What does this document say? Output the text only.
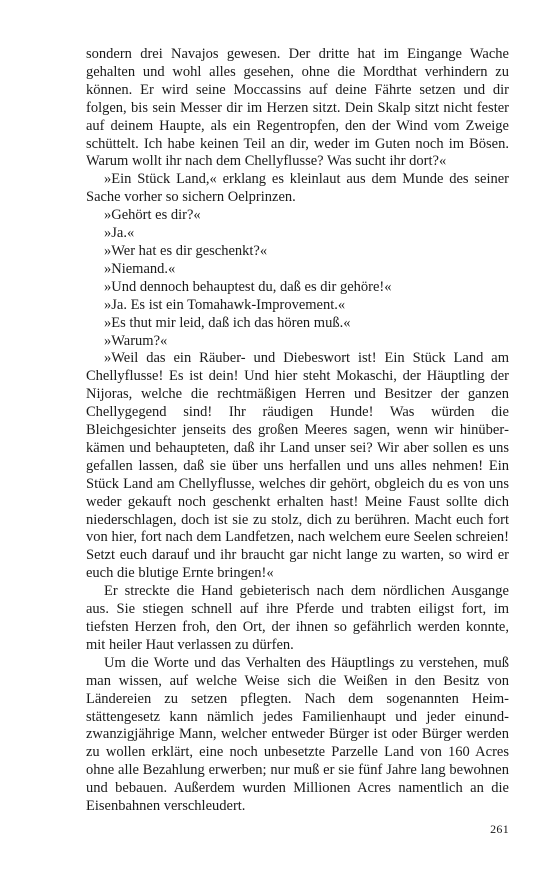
sondern drei Navajos gewesen. Der dritte hat im Eingange Wache gehalten und wohl alles gesehen, ohne die Mordthat verhindern zu können. Er wird seine Moccassins auf deine Fährte setzen und dir folgen, bis sein Messer dir im Herzen sitzt. Dein Skalp sitzt nicht fester auf deinem Haupte, als ein Regentropfen, den der Wind vom Zweige schüttelt. Ich habe keinen Teil an dir, weder im Guten noch im Bösen. Warum wollt ihr nach dem Chellyflusse? Was sucht ihr dort?«

»Ein Stück Land,« erklang es kleinlaut aus dem Munde des seiner Sache vorher so sichern Oelprinzen.

»Gehört es dir?«

»Ja.«

»Wer hat es dir geschenkt?«

»Niemand.«

»Und dennoch behauptest du, daß es dir gehöre!«

»Ja. Es ist ein Tomahawk-Improvement.«

»Es thut mir leid, daß ich das hören muß.«

»Warum?«

»Weil das ein Räuber- und Diebeswort ist! Ein Stück Land am Chellyflusse! Es ist dein! Und hier steht Mokaschi, der Häuptling der Nijoras, welche die rechtmäßigen Herren und Besitzer der ganzen Chellygegend sind! Ihr räudigen Hunde! Was würden die Bleichgesichter jenseits des großen Meeres sagen, wenn wir hinüberkämen und behaupteten, daß ihr Land unser sei? Wir aber sollen es uns gefallen lassen, daß sie über uns herfallen und uns alles nehmen! Ein Stück Land am Chellyflusse, welches dir gehört, obgleich du es von uns weder gekauft noch geschenkt erhalten hast! Meine Faust sollte dich niederschlagen, doch ist sie zu stolz, dich zu berühren. Macht euch fort von hier, fort nach dem Landfetzen, nach welchem eure Seelen schreien! Setzt euch darauf und ihr braucht gar nicht lange zu warten, so wird er euch die blutige Ernte bringen!«

Er streckte die Hand gebieterisch nach dem nördlichen Ausgange aus. Sie stiegen schnell auf ihre Pferde und trabten eiligst fort, im tiefsten Herzen froh, den Ort, der ihnen so gefährlich werden konnte, mit heiler Haut verlassen zu dürfen.

Um die Worte und das Verhalten des Häuptlings zu verstehen, muß man wissen, auf welche Weise sich die Weißen in den Besitz von Ländereien zu setzen pflegten. Nach dem sogenannten Heimstättengesetz kann nämlich jedes Familienhaupt und jeder einundzwanzigjährige Mann, welcher entweder Bürger ist oder Bürger werden zu wollen erklärt, eine noch unbesetzte Parzelle Land von 160 Acres ohne alle Bezahlung erwerben; nur muß er sie fünf Jahre lang bewohnen und bebauen. Außerdem wurden Millionen Acres namentlich an die Eisenbahnen verschleudert.

261
